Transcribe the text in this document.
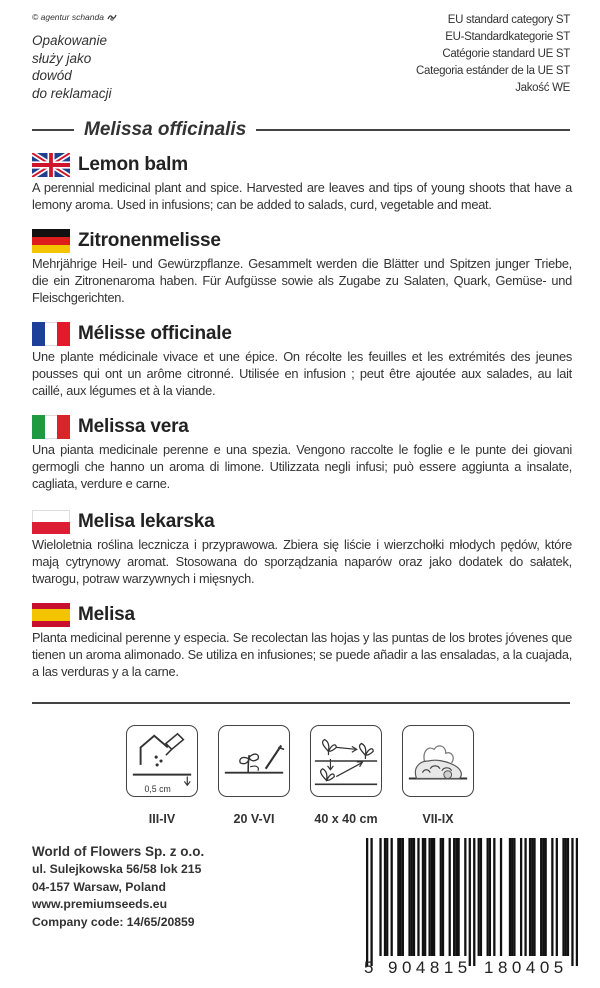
© agentur schanda
Opakowanie
służy jako
dowód
do reklamacji
EU standard category ST
EU-Standardkategorie ST
Catégorie standard UE ST
Categoria estánder de la UE ST
Jakość WE
Melissa officinalis
Lemon balm
A perennial medicinal plant and spice. Harvested are leaves and tips of young shoots that have a lemony aroma. Used in infusions; can be added to salads, curd, vegetable and meat.
Zitronenmelisse
Mehrjährige Heil- und Gewürzpflanze. Gesammelt werden die Blätter und Spitzen junger Triebe, die ein Zitronenaroma haben. Für Aufgüsse sowie als Zugabe zu Salaten, Quark, Gemüse- und Fleischgerichten.
Mélisse officinale
Une plante médicinale vivace et une épice. On récolte les feuilles et les extrémités des jeunes pousses qui ont un arôme citronné. Utilisée en infusion ; peut être ajoutée aux salades, au lait caillé, aux légumes et à la viande.
Melissa vera
Una pianta medicinale perenne e una spezia. Vengono raccolte le foglie e le punte dei giovani germogli che hanno un aroma di limone. Utilizzata negli infusi; può essere aggiunta a insalate, cagliata, verdure e carne.
Melisa lekarska
Wieloletnia roślina lecznicza i przyprawowa. Zbiera się liście i wierzchołki młodych pędów, które mają cytrynowy aromat. Stosowana do sporządzania naparów oraz jako dodatek do sałatek, twarogu, potraw warzywnych i mięsnych.
Melisa
Planta medicinal perenne y especia. Se recolectan las hojas y las puntas de los brotes jóvenes que tienen un aroma alimonado. Se utiliza en infusiones; se puede añadir a las ensaladas, a la cuajada, a las verduras y a la carne.
0,5 cm
III-IV	20 V-VI	40 x 40 cm	VII-IX
World of Flowers Sp. z o.o.
ul. Sulejkowska 56/58 lok 215
04-157 Warsaw, Poland
www.premiumseeds.eu
Company code: 14/65/20859
5 904815 180405
